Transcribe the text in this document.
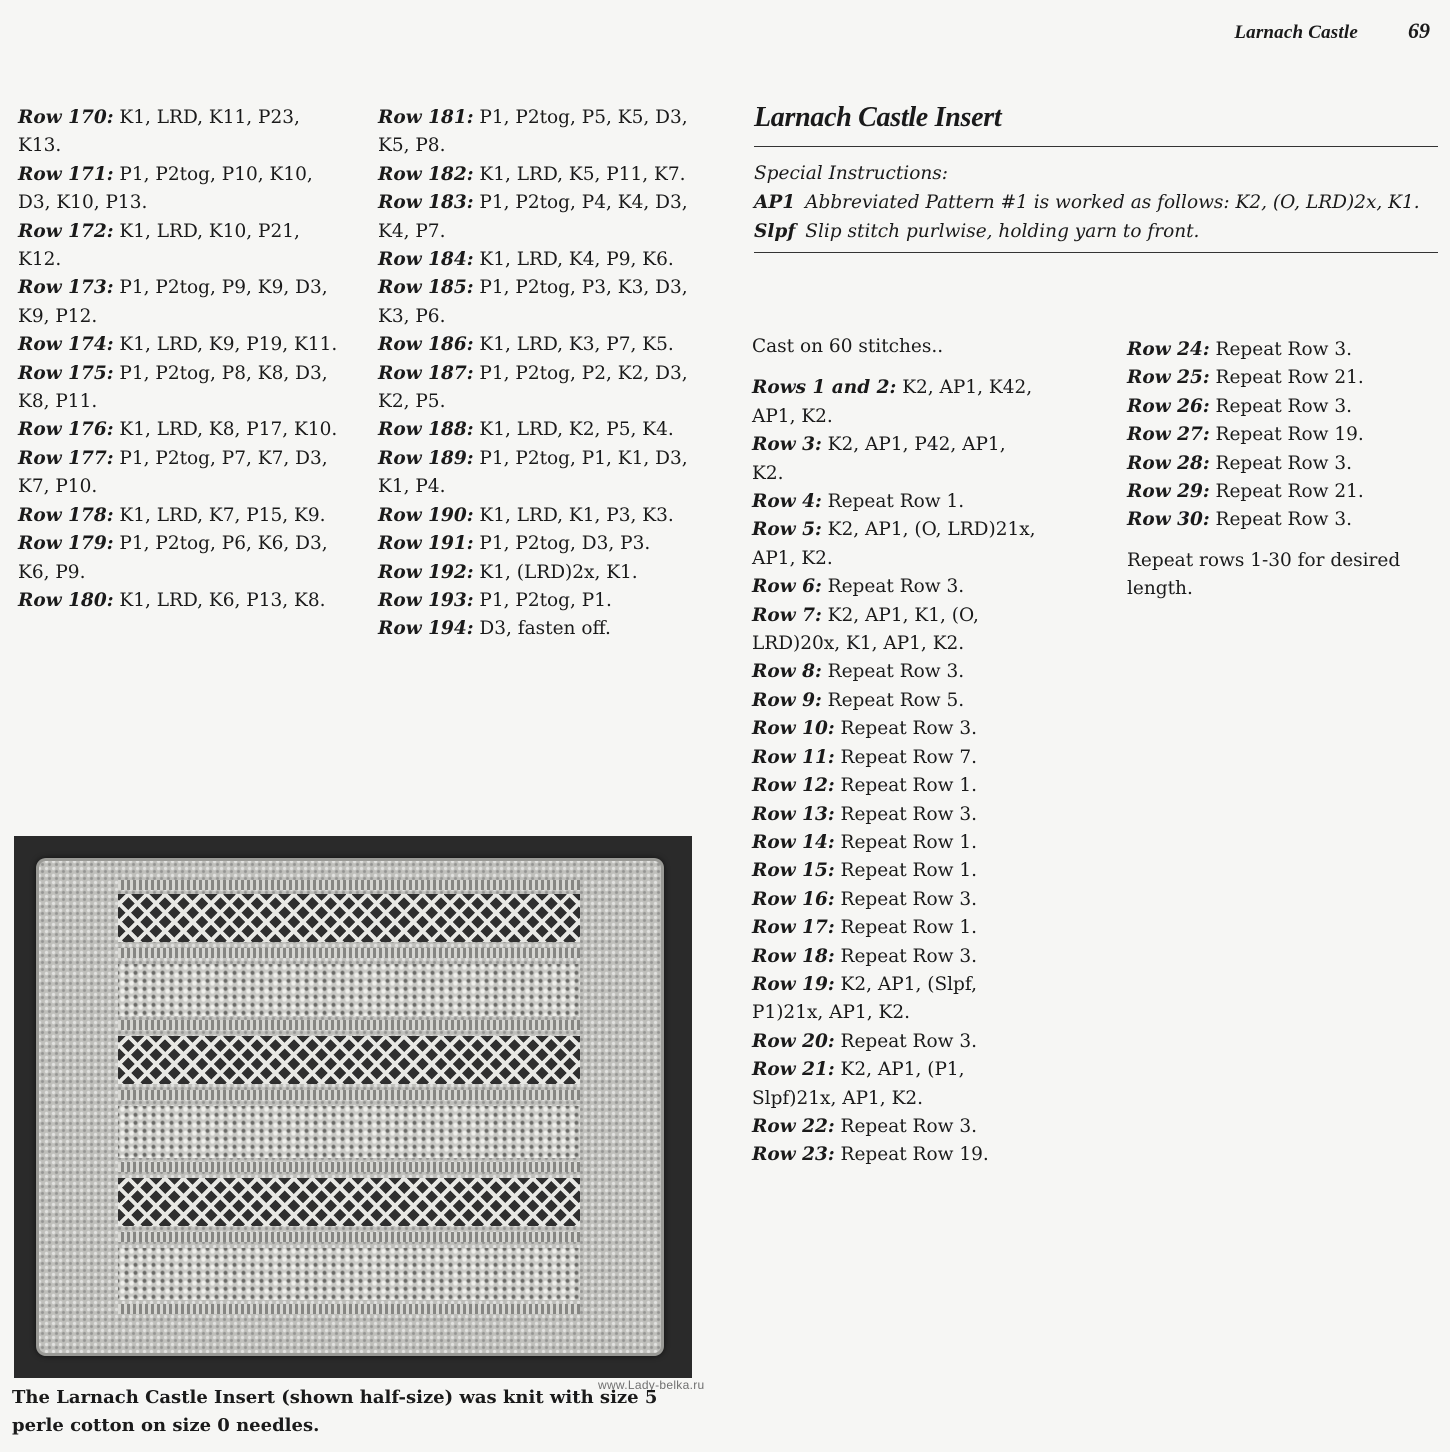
Larnach Castle 69

Row 170: K1, LRD, K11, P23, K13.

Row 171: P1, P2tog, P10, K10, D3, K10, P13.

Row 172: K1, LRD, K10, P21, K12.

Row 173: P1, P2tog, P9, K9, D3, K9, P12.

Row 174: K1, LRD, K9, P19, K11.

Row 175: P1, P2tog, P8, K8, D3, K8, P11.

Row 176: K1, LRD, K8, P17, K10.

Row 177: P1, P2tog, P7, K7, D3, K7, P10.

Row 178: K1, LRD, K7, P15, K9.

Row 179: P1, P2tog, P6, K6, D3, K6, P9.

Row 180: K1, LRD, K6, P13, K8.

Row 181: P1, P2tog, P5, K5, D3, K5, P8.

Row 182: K1, LRD, K5, P11, K7.

Row 183: P1, P2tog, P4, K4, D3, K4, P7.

Row 184: K1, LRD, K4, P9, K6.

Row 185: P1, P2tog, P3, K3, D3, K3, P6.

Row 186: K1, LRD, K3, P7, K5.

Row 187: P1, P2tog, P2, K2, D3, K2, P5.

Row 188: K1, LRD, K2, P5, K4.

Row 189: P1, P2tog, P1, K1, D3, K1, P4.

Row 190: K1, LRD, K1, P3, K3.

Row 191: P1, P2tog, D3, P3.

Row 192: K1, (LRD)2x, K1.

Row 193: P1, P2tog, P1.

Row 194: D3, fasten off.

Larnach Castle Insert
Special Instructions:
AP1 Abbreviated Pattern #1 is worked as follows: K2, (O, LRD)2x, K1.
Slpf Slip stitch purlwise, holding yarn to front.

Cast on 60 stitches..

Rows 1 and 2: K2, AP1, K42, AP1, K2.

Row 3: K2, AP1, P42, AP1, K2.

Row 4: Repeat Row 1.

Row 5: K2, AP1, (O, LRD)21x, AP1, K2.

Row 6: Repeat Row 3.

Row 7: K2, AP1, K1, (O, LRD)20x, K1, AP1, K2.

Row 8: Repeat Row 3.

Row 9: Repeat Row 5.

Row 10: Repeat Row 3.

Row 11: Repeat Row 7.

Row 12: Repeat Row 1.

Row 13: Repeat Row 3.

Row 14: Repeat Row 1.

Row 15: Repeat Row 1.

Row 16: Repeat Row 3.

Row 17: Repeat Row 1.

Row 18: Repeat Row 3.

Row 19: K2, AP1, (Slpf, P1)21x, AP1, K2.

Row 20: Repeat Row 3.

Row 21: K2, AP1, (P1, Slpf)21x, AP1, K2.

Row 22: Repeat Row 3.

Row 23: Repeat Row 19.

Row 24: Repeat Row 3.

Row 25: Repeat Row 21.

Row 26: Repeat Row 3.

Row 27: Repeat Row 19.

Row 28: Repeat Row 3.

Row 29: Repeat Row 21.

Row 30: Repeat Row 3.

Repeat rows 1-30 for desired length.

www.Lady-belka.ru

The Larnach Castle Insert (shown half-size) was knit with size 5 perle cotton on size 0 needles.
